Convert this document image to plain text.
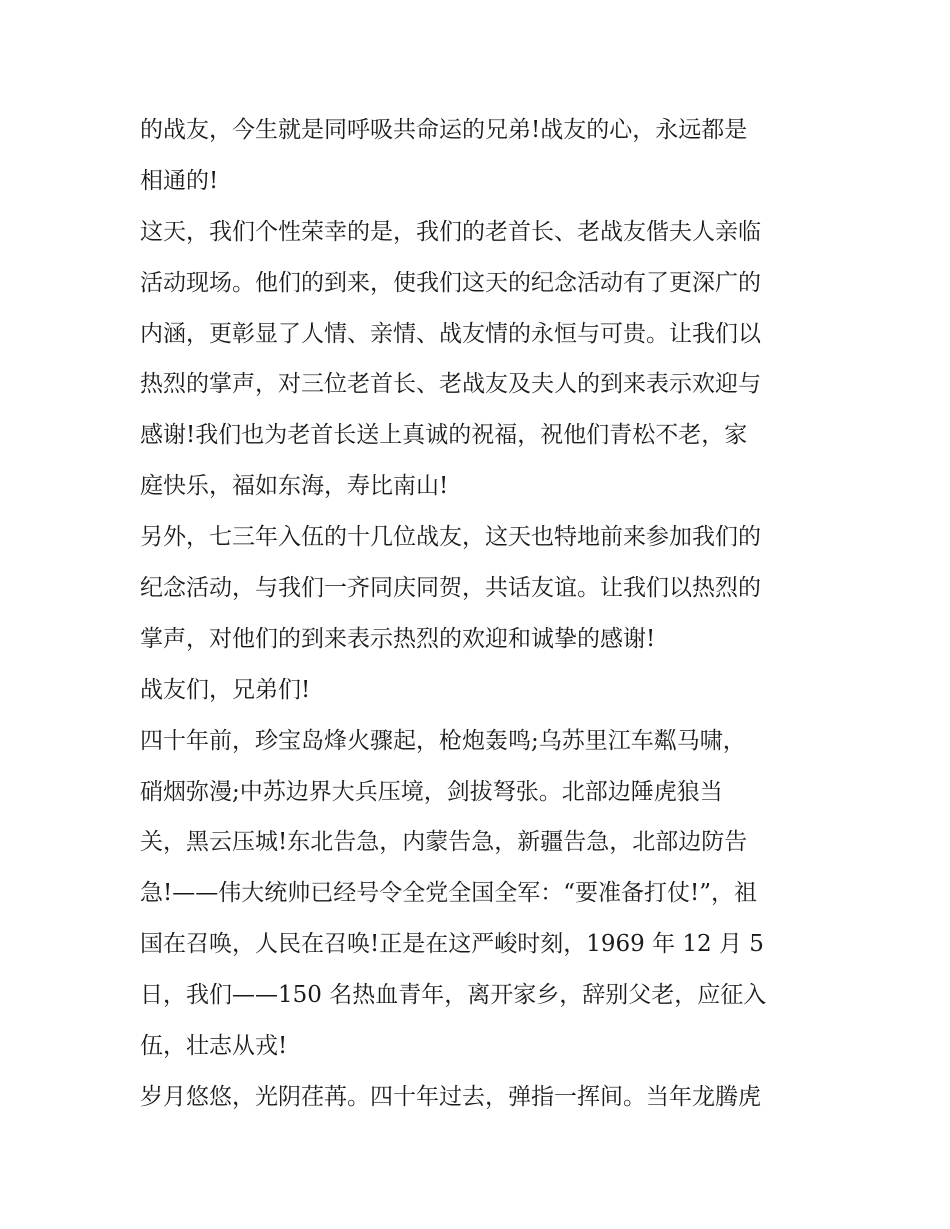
的战友，今生就是同呼吸共命运的兄弟!战友的心，永远都是
相通的!
这天，我们个性荣幸的是，我们的老首长、老战友偕夫人亲临
活动现场。他们的到来，使我们这天的纪念活动有了更深广的
内涵，更彰显了人情、亲情、战友情的永恒与可贵。让我们以
热烈的掌声，对三位老首长、老战友及夫人的到来表示欢迎与
感谢!我们也为老首长送上真诚的祝福，祝他们青松不老，家
庭快乐，福如东海，寿比南山!
另外，七三年入伍的十几位战友，这天也特地前来参加我们的
纪念活动，与我们一齐同庆同贺，共话友谊。让我们以热烈的
掌声，对他们的到来表示热烈的欢迎和诚挚的感谢!
战友们，兄弟们!
四十年前，珍宝岛烽火骤起，枪炮轰鸣;乌苏里江车粼马啸，
硝烟弥漫;中苏边界大兵压境，剑拔弩张。北部边陲虎狼当
关，黑云压城!东北告急，内蒙告急，新疆告急，北部边防告
急!——伟大统帅已经号令全党全国全军：“要准备打仗!”，祖
国在召唤，人民在召唤!正是在这严峻时刻，1969 年 12 月 5
日，我们——150 名热血青年，离开家乡，辞别父老，应征入
伍，壮志从戎!
岁月悠悠，光阴荏苒。四十年过去，弹指一挥间。当年龙腾虎
